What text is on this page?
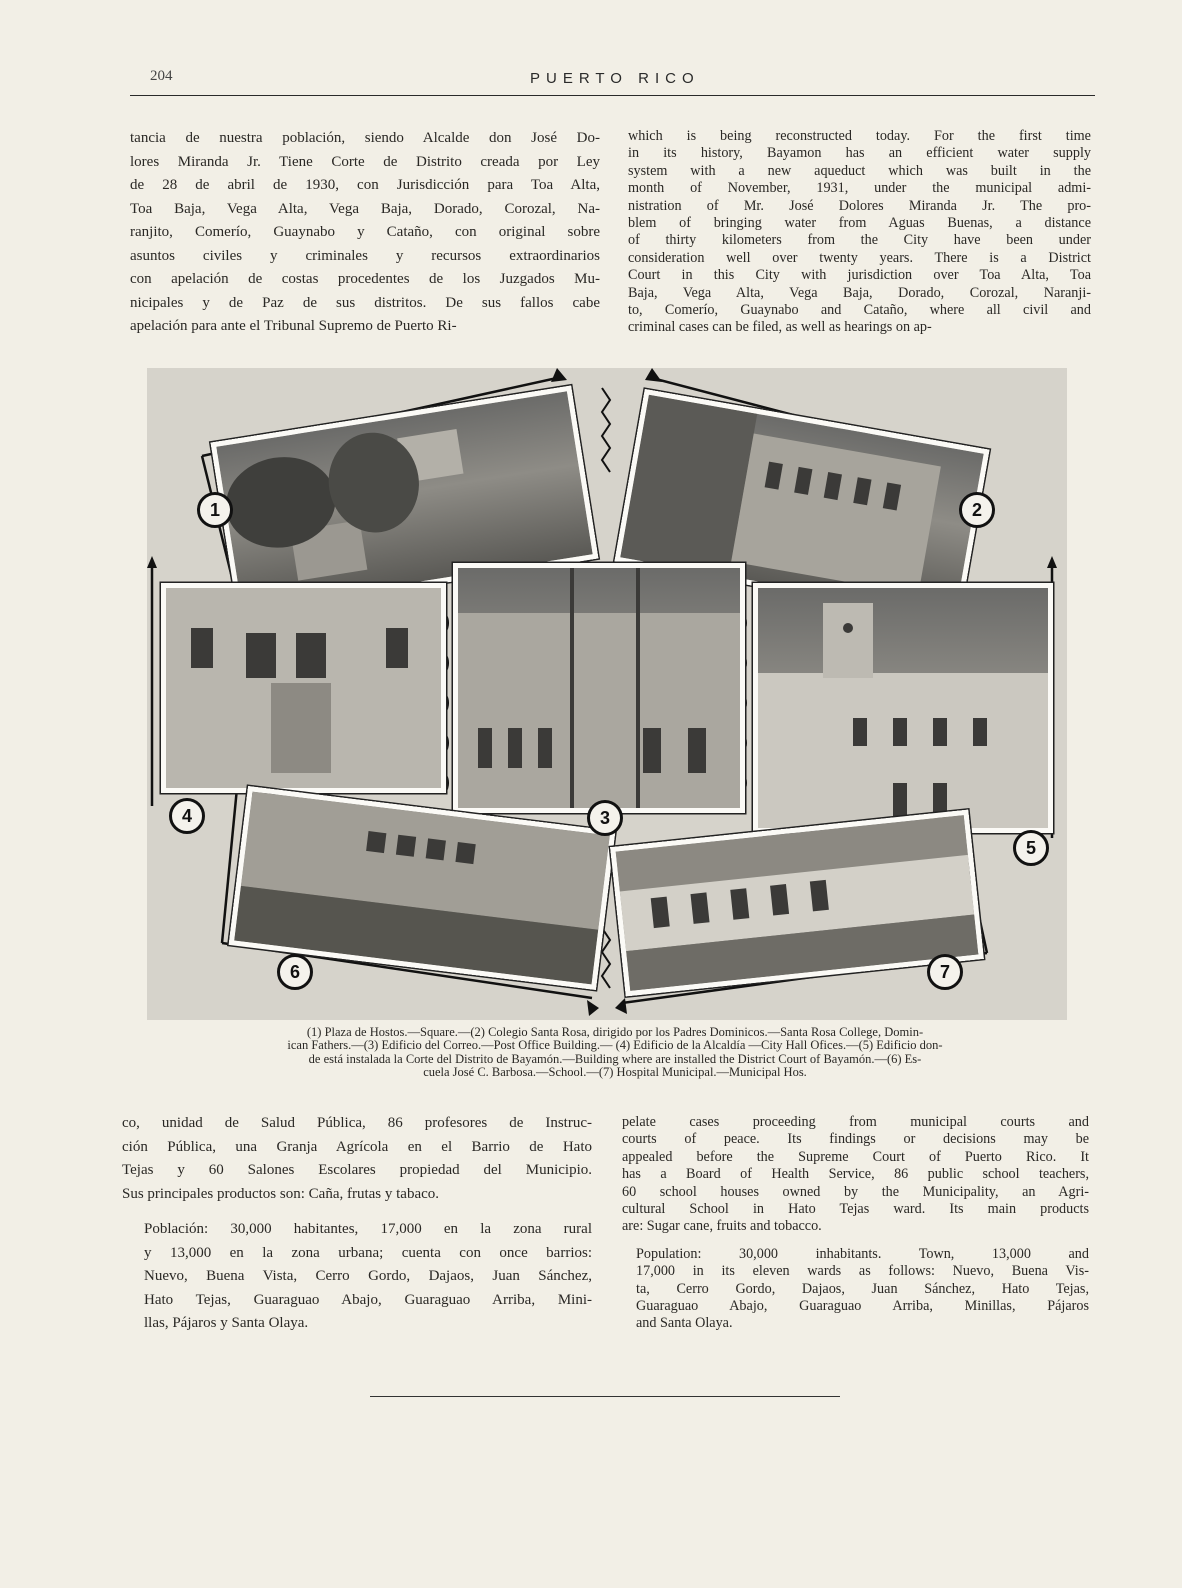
204	PUERTO RICO

tancia de nuestra población, siendo Alcalde don José Do-
lores Miranda Jr. Tiene Corte de Distrito creada por Ley
de 28 de abril de 1930, con Jurisdicción para Toa Alta,
Toa Baja, Vega Alta, Vega Baja, Dorado, Corozal, Na-
ranjito, Comerío, Guaynabo y Cataño, con original sobre
asuntos civiles y criminales y recursos extraordinarios
con apelación de costas procedentes de los Juzgados Mu-
nicipales y de Paz de sus distritos. De sus fallos cabe
apelación para ante el Tribunal Supremo de Puerto Ri-

which is being reconstructed today. For the first time
in its history, Bayamon has an efficient water supply
system with a new aqueduct which was built in the
month of November, 1931, under the municipal admi-
nistration of Mr. José Dolores Miranda Jr. The pro-
blem of bringing water from Aguas Buenas, a distance
of thirty kilometers from the City have been under
consideration well over twenty years. There is a District
Court in this City with jurisdiction over Toa Alta, Toa
Baja, Vega Alta, Vega Baja, Dorado, Corozal, Naranji-
to, Comerío, Guaynabo and Cataño, where all civil and
criminal cases can be filed, as well as hearings on ap-

1	2
3
4
5
6	7
(1) Plaza de Hostos.—Square.—(2) Colegio Santa Rosa, dirigido por los Padres Dominicos.—Santa Rosa College, Domin-
ican Fathers.—(3) Edificio del Correo.—Post Office Building.— (4) Edificio de la Alcaldía —City Hall Ofices.—(5) Edificio don-
de está instalada la Corte del Distrito de Bayamón.—Building where are installed the District Court of Bayamón.—(6) Es-
cuela José C. Barbosa.—School.—(7) Hospital Municipal.—Municipal Hos.

co, unidad de Salud Pública, 86 profesores de Instruc-
ción Pública, una Granja Agrícola en el Barrio de Hato
Tejas y 60 Salones Escolares propiedad del Municipio.
Sus principales productos son: Caña, frutas y tabaco.

Población: 30,000 habitantes, 17,000 en la zona rural
y 13,000 en la zona urbana; cuenta con once barrios:
Nuevo, Buena Vista, Cerro Gordo, Dajaos, Juan Sánchez,
Hato Tejas, Guaraguao Abajo, Guaraguao Arriba, Mini-
llas, Pájaros y Santa Olaya.

pelate cases proceeding from municipal courts and
courts of peace. Its findings or decisions may be
appealed before the Supreme Court of Puerto Rico. It
has a Board of Health Service, 86 public school teachers,
60 school houses owned by the Municipality, an Agri-
cultural School in Hato Tejas ward. Its main products
are: Sugar cane, fruits and tobacco.

Population: 30,000 inhabitants. Town, 13,000 and
17,000 in its eleven wards as follows: Nuevo, Buena Vis-
ta, Cerro Gordo, Dajaos, Juan Sánchez, Hato Tejas,
Guaraguao Abajo, Guaraguao Arriba, Minillas, Pájaros
and Santa Olaya.
